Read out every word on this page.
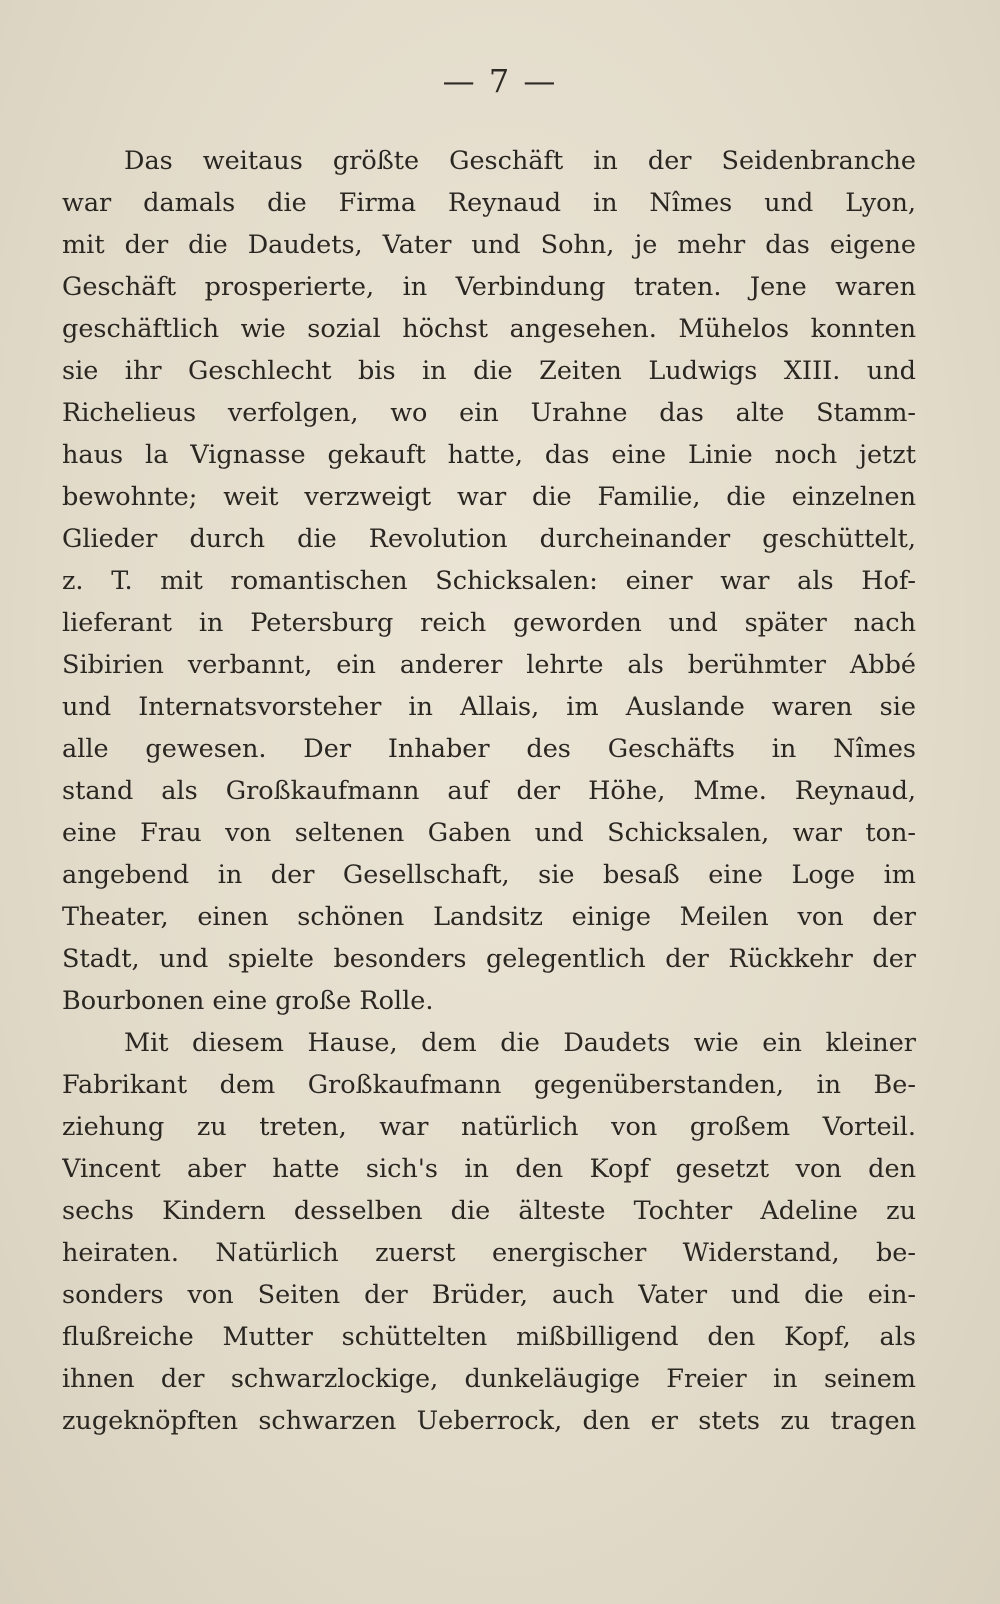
— 7 —
Das weitaus größte Geschäft in der Seidenbranche
war damals die Firma Reynaud in Nîmes und Lyon,
mit der die Daudets, Vater und Sohn, je mehr das eigene
Geschäft prosperierte, in Verbindung traten. Jene waren
geschäftlich wie sozial höchst angesehen. Mühelos konnten
sie ihr Geschlecht bis in die Zeiten Ludwigs XIII. und
Richelieus verfolgen, wo ein Urahne das alte Stamm-
haus la Vignasse gekauft hatte, das eine Linie noch jetzt
bewohnte; weit verzweigt war die Familie, die einzelnen
Glieder durch die Revolution durcheinander geschüttelt,
z. T. mit romantischen Schicksalen: einer war als Hof-
lieferant in Petersburg reich geworden und später nach
Sibirien verbannt, ein anderer lehrte als berühmter Abbé
und Internatsvorsteher in Allais, im Auslande waren sie
alle gewesen. Der Inhaber des Geschäfts in Nîmes
stand als Großkaufmann auf der Höhe, Mme. Reynaud,
eine Frau von seltenen Gaben und Schicksalen, war ton-
angebend in der Gesellschaft, sie besaß eine Loge im
Theater, einen schönen Landsitz einige Meilen von der
Stadt, und spielte besonders gelegentlich der Rückkehr der
Bourbonen eine große Rolle.
Mit diesem Hause, dem die Daudets wie ein kleiner
Fabrikant dem Großkaufmann gegenüberstanden, in Be-
ziehung zu treten, war natürlich von großem Vorteil.
Vincent aber hatte sich's in den Kopf gesetzt von den
sechs Kindern desselben die älteste Tochter Adeline zu
heiraten. Natürlich zuerst energischer Widerstand, be-
sonders von Seiten der Brüder, auch Vater und die ein-
flußreiche Mutter schüttelten mißbilligend den Kopf, als
ihnen der schwarzlockige, dunkeläugige Freier in seinem
zugeknöpften schwarzen Ueberrock, den er stets zu tragen
